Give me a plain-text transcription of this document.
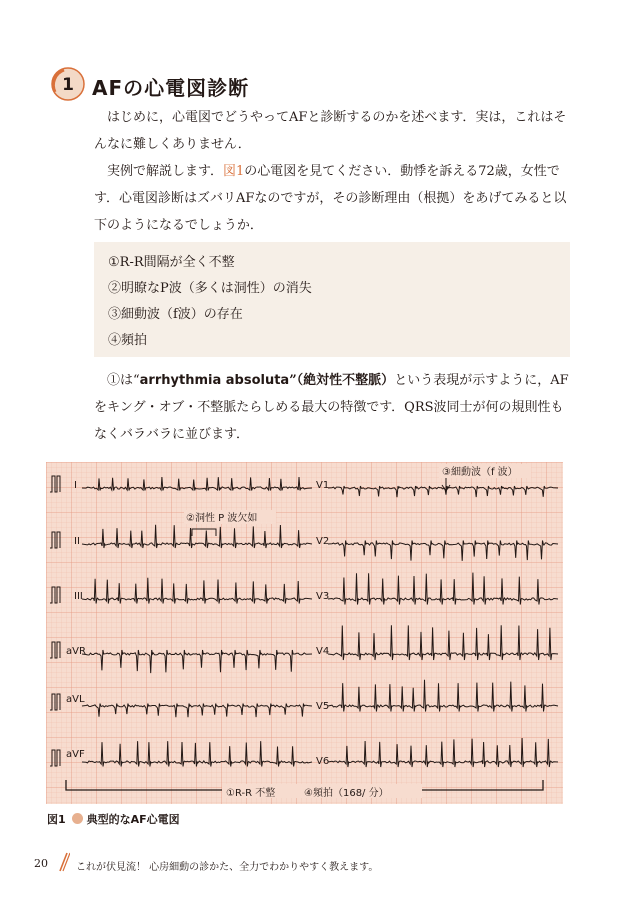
1 AFの心電図診断

はじめに，心電図でどうやってAFと診断するのかを述べます．実は，これはそんなに難しくありません．

実例で解説します．図1の心電図を見てください．動悸を訴える72歳，女性です．心電図診断はズバリAFなのですが，その診断理由（根拠）をあげてみると以下のようになるでしょうか．

①R-R間隔が全く不整
②明瞭なP波（多くは洞性）の消失
③細動波（f波）の存在
④頻拍

①は“arrhythmia absoluta”（絶対性不整脈）という表現が示すように，AFをキング・オブ・不整脈たらしめる最大の特徴です．QRS波同士が何の規則性もなくバラバラに並びます．

I
II
III
aVR
aVL
aVF
V1
V2
V3
V4
V5
V6
③細動波（f 波）
②洞性 P 波欠如
①R-R 不整	④頻拍（168/ 分）
図1 典型的なAF心電図
20	これが伏見流！ 心房細動の診かた、全力でわかりやすく教えます。
